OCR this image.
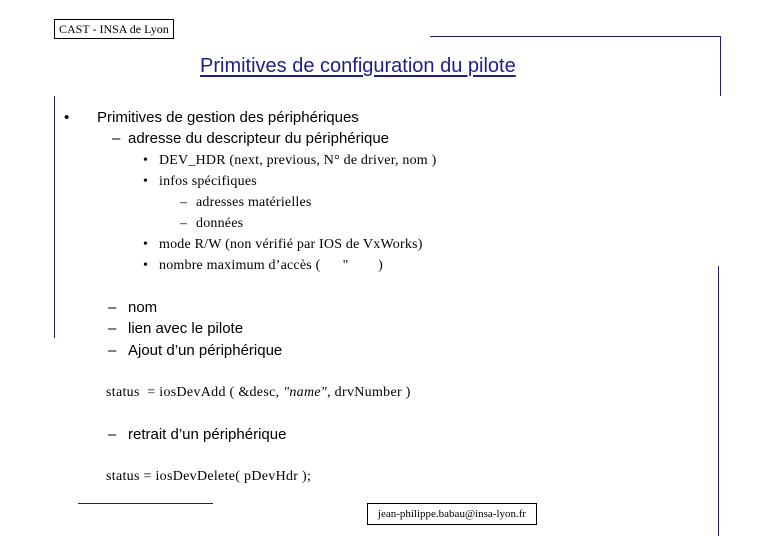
CAST - INSA de Lyon
Primitives de configuration du pilote
• Primitives de gestion des périphériques
– adresse du descripteur du périphérique
• DEV_HDR (next, previous, N° de driver, nom )
• infos spécifiques
– adresses matérielles
– données
• mode R/W (non vérifié par IOS de VxWorks)
• nombre maximum d’accès (      "        )
– nom
– lien avec le pilote
– Ajout d’un périphérique
status  = iosDevAdd ( &desc, "name", drvNumber )
– retrait d’un périphérique
status = iosDevDelete( pDevHdr );
jean-philippe.babau@insa-lyon.fr
